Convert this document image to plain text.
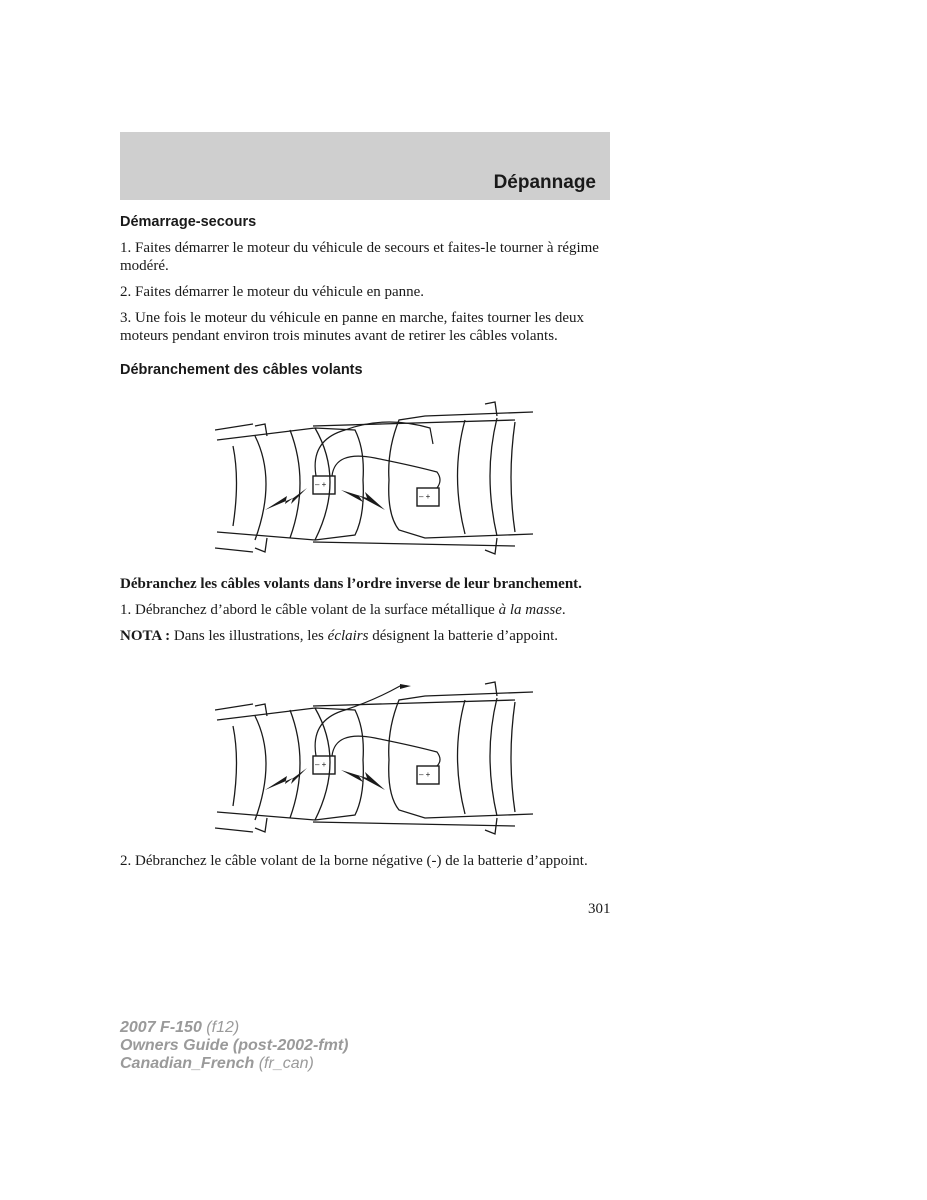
Dépannage
Démarrage-secours

1. Faites démarrer le moteur du véhicule de secours et faites-le tourner à régime modéré.

2. Faites démarrer le moteur du véhicule en panne.

3. Une fois le moteur du véhicule en panne en marche, faites tourner les deux moteurs pendant environ trois minutes avant de retirer les câbles volants.

Débranchement des câbles volants
– +
– +

Débranchez les câbles volants dans l’ordre inverse de leur branchement.

1. Débranchez d’abord le câble volant de la surface métallique à la masse.

NOTA : Dans les illustrations, les éclairs désignent la batterie d’appoint.

– +
– +

2. Débranchez le câble volant de la borne négative (-) de la batterie d’appoint.

301
2007 F-150 (f12)
Owners Guide (post-2002-fmt)
Canadian_French (fr_can)
